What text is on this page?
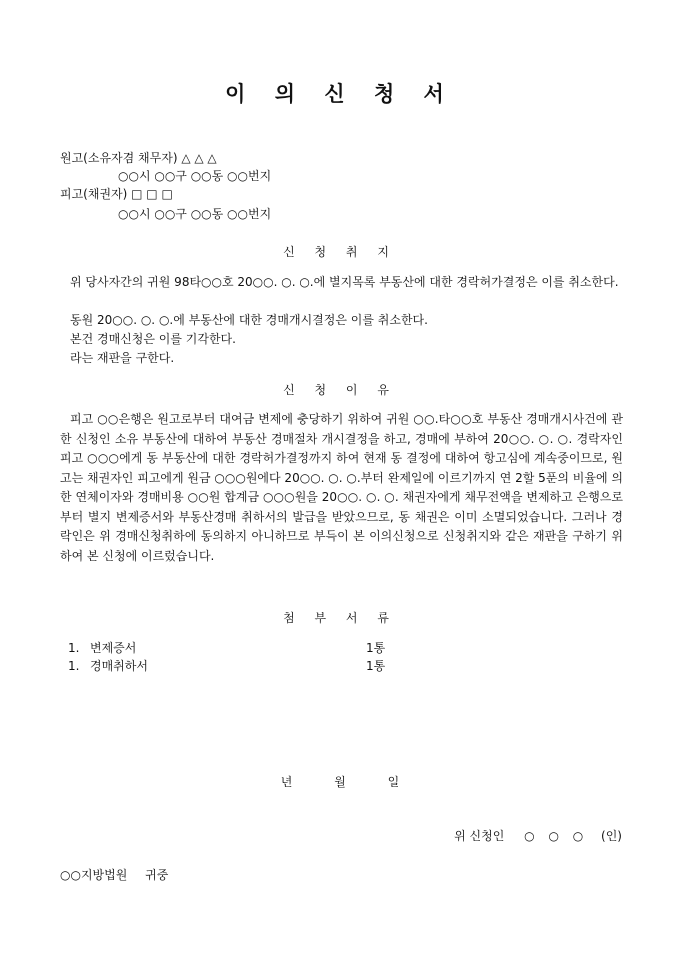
이 의 신 청 서
원고(소유자겸 채무자) △ △ △
○○시 ○○구 ○○동 ○○번지
피고(채권자) □ □ □
○○시 ○○구 ○○동 ○○번지
신 청 취 지
위 당사자간의 귀원 98타○○호 20○○. ○. ○.에 별지목록 부동산에 대한 경락허가결정은 이를 취소한다.
동원 20○○. ○. ○.에 부동산에 대한 경매개시결정은 이를 취소한다.
본건 경매신청은 이를 기각한다.
라는 재판을 구한다.
신 청 이 유
피고 ○○은행은 원고로부터 대여금 변제에 충당하기 위하여 귀원 ○○.타○○호 부동산 경매개시사건에 관한 신청인 소유 부동산에 대하여 부동산 경매절차 개시결정을 하고, 경매에 부하여 20○○. ○. ○. 경락자인 피고 ○○○에게 동 부동산에 대한 경락허가결정까지 하여 현재 동 결정에 대하여 항고심에 계속중이므로, 원고는 채권자인 피고에게 원금 ○○○원에다 20○○. ○. ○.부터 완제일에 이르기까지 연 2할 5푼의 비율에 의한 연체이자와 경매비용 ○○원 합계금 ○○○원을 20○○. ○. ○. 채권자에게 채무전액을 변제하고 은행으로부터 별지 변제증서와 부동산경매 취하서의 발급을 받았으므로, 동 채권은 이미 소멸되었습니다. 그러나 경락인은 위 경매신청취하에 동의하지 아니하므로 부득이 본 이의신청으로 신청취지와 같은 재판을 구하기 위하여 본 신청에 이르렀습니다.
첨 부 서 류
1. 변제증서	1통
1. 경매취하서	1통
년 월 일
위 신청인 ○ ○ ○ (인)
○○지방법원 귀중
